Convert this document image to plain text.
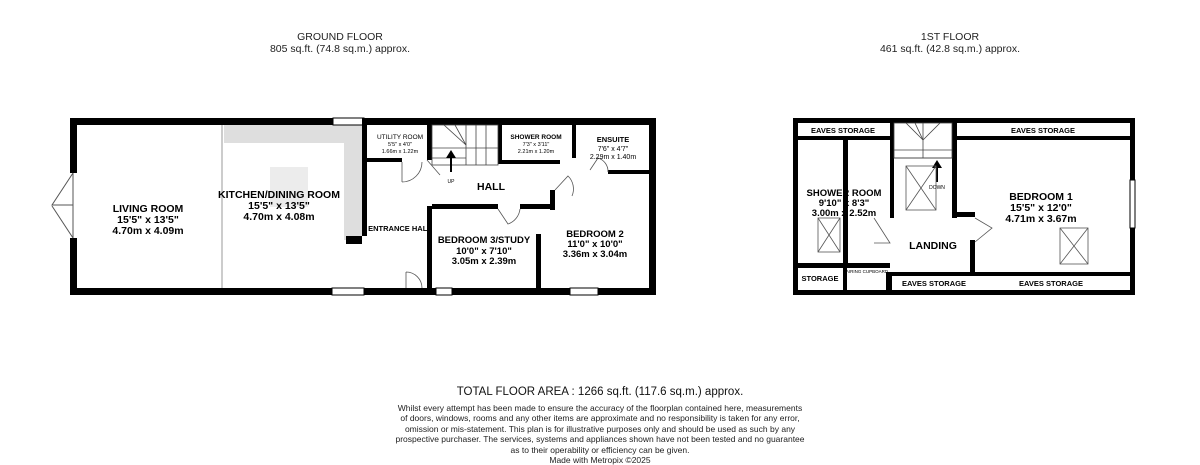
GROUND FLOOR
805 sq.ft. (74.8 sq.m.) approx.
1ST FLOOR
461 sq.ft. (42.8 sq.m.) approx.
LIVING ROOM
15'5" x 13'5"
4.70m x 4.09m
KITCHEN/DINING ROOM
15'5" x 13'5"
4.70m x 4.08m
UTILITY ROOM
5'5" x 4'0"
1.66m x 1.22m
SHOWER ROOM
7'3" x 3'11"
2.21m x 1.20m
ENSUITE
7'6" x 4'7"
2.29m x 1.40m
HALL
ENTRANCE HALL
BEDROOM 3/STUDY
10'0" x 7'10"
3.05m x 2.39m
BEDROOM 2
11'0" x 10'0"
3.36m x 3.04m
UP
EAVES STORAGE	EAVES STORAGE
SHOWER ROOM
9'10" x 8'3"
3.00m x 2.52m
BEDROOM 1
15'5" x 12'0"
4.71m x 3.67m
LANDING
STORAGE
AIRING CUPBOARD
EAVES STORAGE	EAVES STORAGE
DOWN
TOTAL FLOOR AREA : 1266 sq.ft. (117.6 sq.m.) approx.
Whilst every attempt has been made to ensure the accuracy of the floorplan contained here, measurements
of doors, windows, rooms and any other items are approximate and no responsibility is taken for any error,
omission or mis-statement. This plan is for illustrative purposes only and should be used as such by any
prospective purchaser. The services, systems and appliances shown have not been tested and no guarantee
as to their operability or efficiency can be given.
Made with Metropix ©2025
